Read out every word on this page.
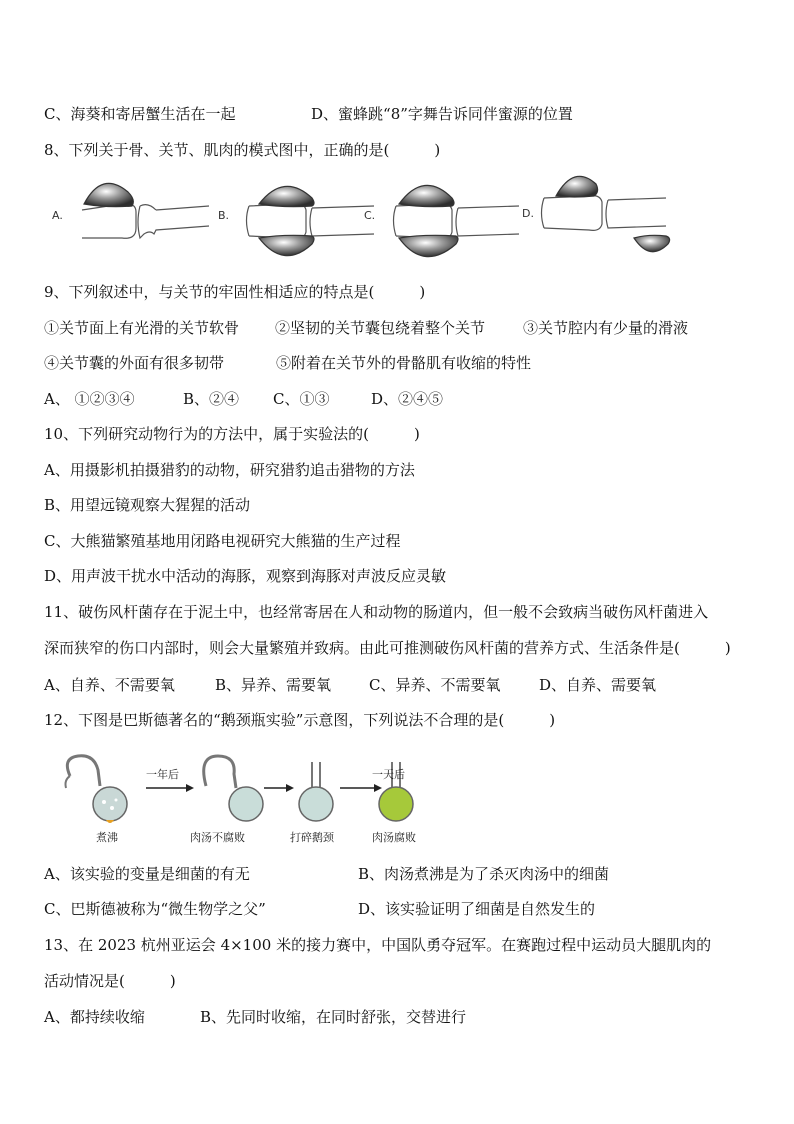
C、海葵和寄居蟹生活在一起	D、蜜蜂跳“8”字舞告诉同伴蜜源的位置
8、下列关于骨、关节、肌肉的模式图中，正确的是(　　　)
A.	B.	C.	D.
9、下列叙述中，与关节的牢固性相适应的特点是(　　　)
①关节面上有光滑的关节软骨 ②坚韧的关节囊包绕着整个关节	③关节腔内有少量的滑液
④关节囊的外面有很多韧带	⑤附着在关节外的骨骼肌有收缩的特性
A、 ①②③④	B、②④ C、①③	D、②④⑤
10、下列研究动物行为的方法中，属于实验法的(　　　)
A、用摄影机拍摄猎豹的动物，研究猎豹追击猎物的方法
B、用望远镜观察大猩猩的活动
C、大熊猫繁殖基地用闭路电视研究大熊猫的生产过程
D、用声波干扰水中活动的海豚，观察到海豚对声波反应灵敏
11、破伤风杆菌存在于泥土中，也经常寄居在人和动物的肠道内，但一般不会致病当破伤风杆菌进入
深而狭窄的伤口内部时，则会大量繁殖并致病。由此可推测破伤风杆菌的营养方式、生活条件是(　　　)
A、自养、不需要氧	B、异养、需要氧	C、异养、不需要氧	D、自养、需要氧
12、下图是巴斯德著名的“鹅颈瓶实验”示意图，下列说法不合理的是(　　　)
一年后	一天后
煮沸	肉汤不腐败	打碎鹅颈	肉汤腐败
A、该实验的变量是细菌的有无	B、肉汤煮沸是为了杀灭肉汤中的细菌
C、巴斯德被称为“微生物学之父”	D、该实验证明了细菌是自然发生的
13、在 2023 杭州亚运会 4×100 米的接力赛中，中国队勇夺冠军。在赛跑过程中运动员大腿肌肉的
活动情况是(　　　)
A、都持续收缩	B、先同时收缩，在同时舒张，交替进行
